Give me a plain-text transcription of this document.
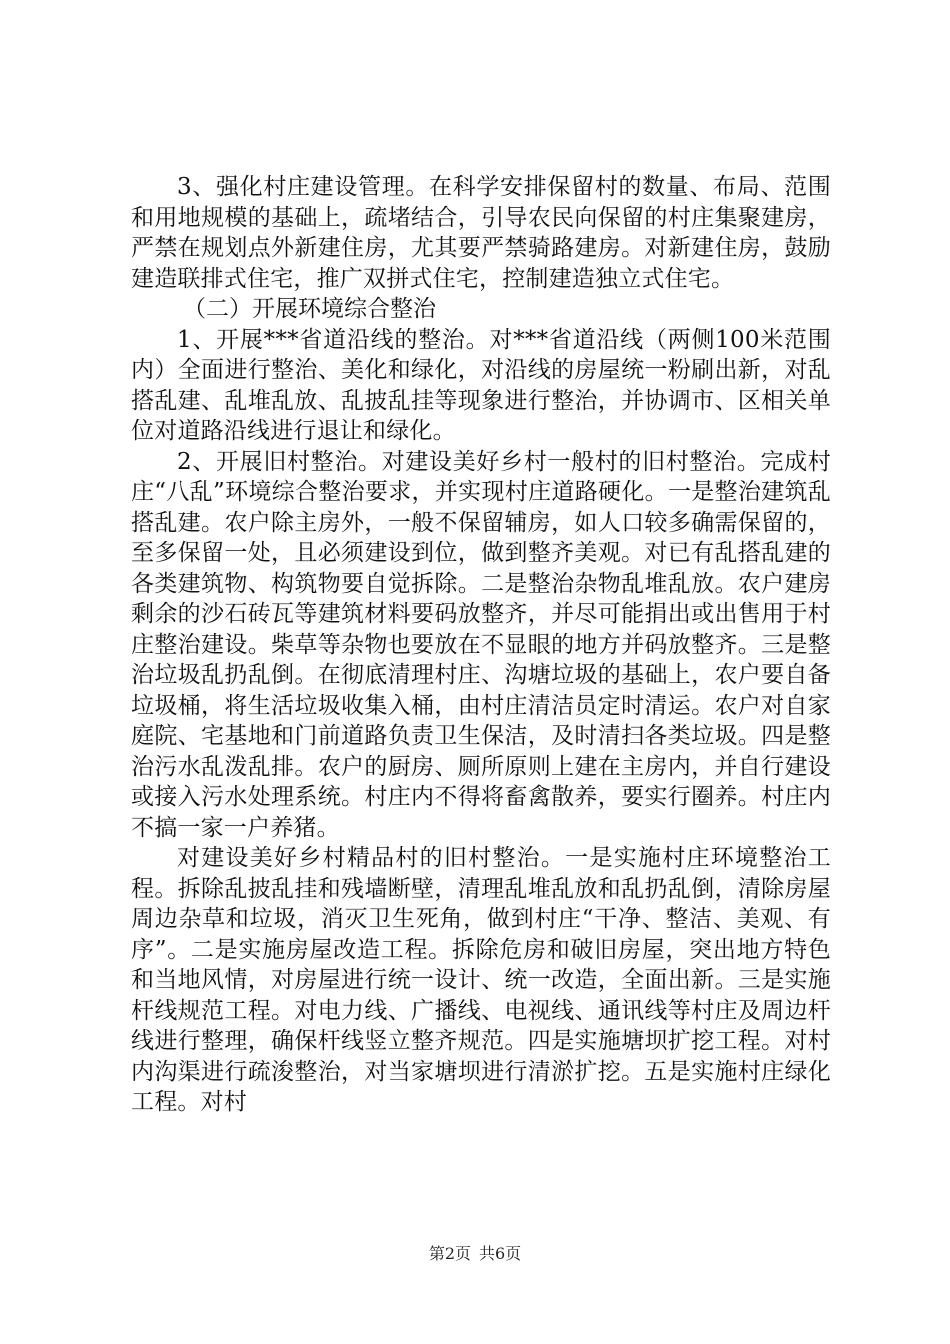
3、强化村庄建设管理。在科学安排保留村的数量、布局、范围和用地规模的基础上，疏堵结合，引导农民向保留的村庄集聚建房，严禁在规划点外新建住房，尤其要严禁骑路建房。对新建住房，鼓励建造联排式住宅，推广双拼式住宅，控制建造独立式住宅。

（二）开展环境综合整治

1、开展***省道沿线的整治。对***省道沿线（两侧100米范围内）全面进行整治、美化和绿化，对沿线的房屋统一粉刷出新，对乱搭乱建、乱堆乱放、乱披乱挂等现象进行整治，并协调市、区相关单位对道路沿线进行退让和绿化。

2、开展旧村整治。对建设美好乡村一般村的旧村整治。完成村庄“八乱”环境综合整治要求，并实现村庄道路硬化。一是整治建筑乱搭乱建。农户除主房外，一般不保留辅房，如人口较多确需保留的，至多保留一处，且必须建设到位，做到整齐美观。对已有乱搭乱建的各类建筑物、构筑物要自觉拆除。二是整治杂物乱堆乱放。农户建房剩余的沙石砖瓦等建筑材料要码放整齐，并尽可能捐出或出售用于村庄整治建设。柴草等杂物也要放在不显眼的地方并码放整齐。三是整治垃圾乱扔乱倒。在彻底清理村庄、沟塘垃圾的基础上，农户要自备垃圾桶，将生活垃圾收集入桶，由村庄清洁员定时清运。农户对自家庭院、宅基地和门前道路负责卫生保洁，及时清扫各类垃圾。四是整治污水乱泼乱排。农户的厨房、厕所原则上建在主房内，并自行建设或接入污水处理系统。村庄内不得将畜禽散养，要实行圈养。村庄内不搞一家一户养猪。

对建设美好乡村精品村的旧村整治。一是实施村庄环境整治工程。拆除乱披乱挂和残墙断壁，清理乱堆乱放和乱扔乱倒，清除房屋周边杂草和垃圾，消灭卫生死角，做到村庄“干净、整洁、美观、有序”。二是实施房屋改造工程。拆除危房和破旧房屋，突出地方特色和当地风情，对房屋进行统一设计、统一改造，全面出新。三是实施杆线规范工程。对电力线、广播线、电视线、通讯线等村庄及周边杆线进行整理，确保杆线竖立整齐规范。四是实施塘坝扩挖工程。对村内沟渠进行疏浚整治，对当家塘坝进行清淤扩挖。五是实施村庄绿化工程。对村

第2页 共6页
